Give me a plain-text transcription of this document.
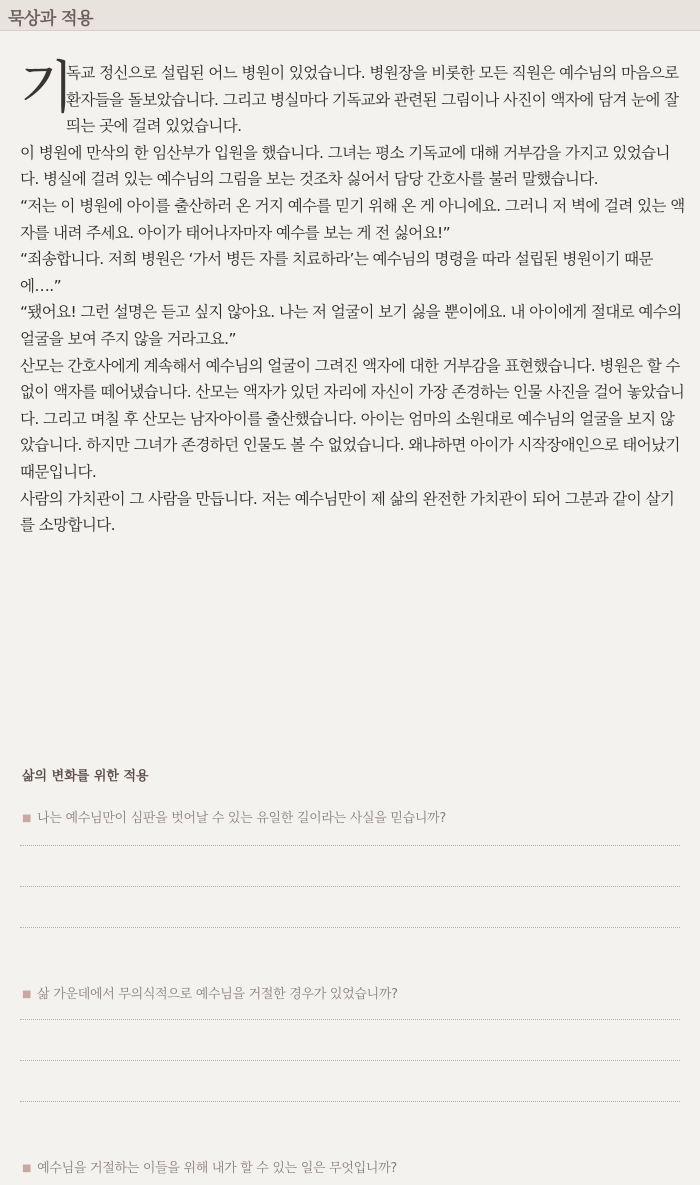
묵상과 적용
기

독교 정신으로 설립된 어느 병원이 있었습니다. 병원장을 비롯한 모든 직원은 예수님의 마음으로 환자들을 돌보았습니다. 그리고 병실마다 기독교와 관련된 그림이나 사진이 액자에 담겨 눈에 잘 띄는 곳에 걸려 있었습니다.

이 병원에 만삭의 한 임산부가 입원을 했습니다. 그녀는 평소 기독교에 대해 거부감을 가지고 있었습니다. 병실에 걸려 있는 예수님의 그림을 보는 것조차 싫어서 담당 간호사를 불러 말했습니다.

“저는 이 병원에 아이를 출산하러 온 거지 예수를 믿기 위해 온 게 아니에요. 그러니 저 벽에 걸려 있는 액자를 내려 주세요. 아이가 태어나자마자 예수를 보는 게 전 싫어요!”

“죄송합니다. 저희 병원은 ‘가서 병든 자를 치료하라’는 예수님의 명령을 따라 설립된 병원이기 때문에….”

“됐어요! 그런 설명은 듣고 싶지 않아요. 나는 저 얼굴이 보기 싫을 뿐이에요. 내 아이에게 절대로 예수의 얼굴을 보여 주지 않을 거라고요.”

산모는 간호사에게 계속해서 예수님의 얼굴이 그려진 액자에 대한 거부감을 표현했습니다. 병원은 할 수 없이 액자를 떼어냈습니다. 산모는 액자가 있던 자리에 자신이 가장 존경하는 인물 사진을 걸어 놓았습니다. 그리고 며칠 후 산모는 남자아이를 출산했습니다. 아이는 엄마의 소원대로 예수님의 얼굴을 보지 않았습니다. 하지만 그녀가 존경하던 인물도 볼 수 없었습니다. 왜냐하면 아이가 시작장애인으로 태어났기 때문입니다.

사람의 가치관이 그 사람을 만듭니다. 저는 예수님만이 제 삶의 완전한 가치관이 되어 그분과 같이 살기를 소망합니다.

삶의 변화를 위한 적용
■ 나는 예수님만이 심판을 벗어날 수 있는 유일한 길이라는 사실을 믿습니까?
■ 삶 가운데에서 무의식적으로 예수님을 거절한 경우가 있었습니까?
■ 예수님을 거절하는 이들을 위해 내가 할 수 있는 일은 무엇입니까?
